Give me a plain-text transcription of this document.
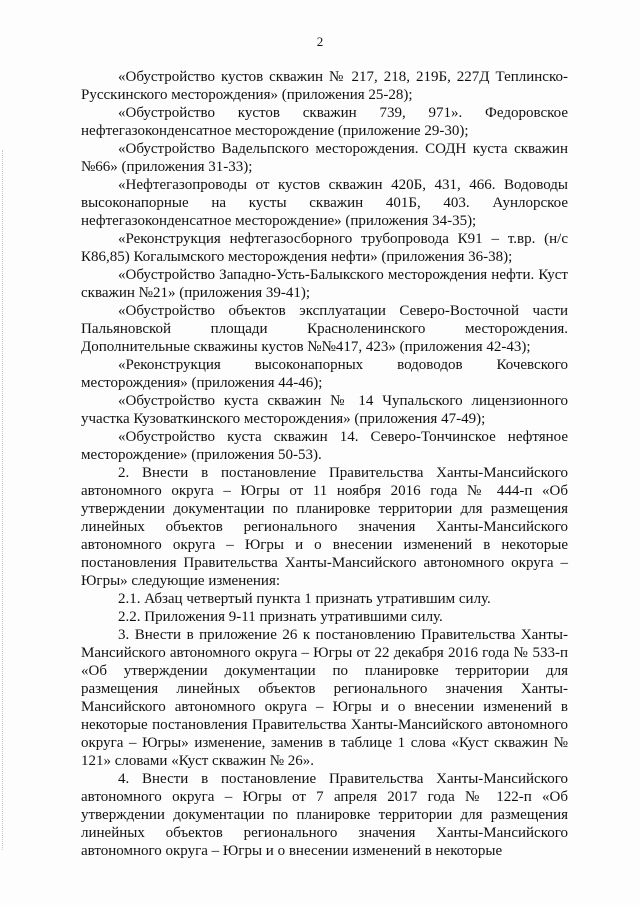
2

«Обустройство кустов скважин № 217, 218, 219Б, 227Д Теплинско-Русскинского месторождения» (приложения 25-28);

«Обустройство кустов скважин 739, 971». Федоровское нефтегазоконденсатное месторождение (приложение 29-30);

«Обустройство Вадельпского месторождения. СОДН куста скважин №66» (приложения 31-33);

«Нефтегазопроводы от кустов скважин 420Б, 431, 466. Водоводы высоконапорные на кусты скважин 401Б, 403. Аунлорское нефтегазоконденсатное месторождение» (приложения 34-35);

«Реконструкция нефтегазосборного трубопровода К91 – т.вр. (н/с К86,85) Когалымского месторождения нефти» (приложения 36-38);

«Обустройство Западно-Усть-Балыкского месторождения нефти. Куст скважин №21» (приложения 39-41);

«Обустройство объектов эксплуатации Северо-Восточной части Пальяновской площади Красноленинского месторождения. Дополнительные скважины кустов №№417, 423» (приложения 42-43);

«Реконструкция высоконапорных водоводов Кочевского месторождения» (приложения 44-46);

«Обустройство куста скважин № 14 Чупальского лицензионного участка Кузоваткинского месторождения» (приложения 47-49);

«Обустройство куста скважин 14. Северо-Тончинское нефтяное месторождение» (приложения 50-53).

2. Внести в постановление Правительства Ханты-Мансийского автономного округа – Югры от 11 ноября 2016 года № 444-п «Об утверждении документации по планировке территории для размещения линейных объектов регионального значения Ханты-Мансийского автономного округа – Югры и о внесении изменений в некоторые постановления Правительства Ханты-Мансийского автономного округа – Югры» следующие изменения:

2.1. Абзац четвертый пункта 1 признать утратившим силу.

2.2. Приложения 9-11 признать утратившими силу.

3. Внести в приложение 26 к постановлению Правительства Ханты-Мансийского автономного округа – Югры от 22 декабря 2016 года № 533-п «Об утверждении документации по планировке территории для размещения линейных объектов регионального значения Ханты-Мансийского автономного округа – Югры и о внесении изменений в некоторые постановления Правительства Ханты-Мансийского автономного округа – Югры» изменение, заменив в таблице 1 слова «Куст скважин № 121» словами «Куст скважин № 26».

4. Внести в постановление Правительства Ханты-Мансийского автономного округа – Югры от 7 апреля 2017 года № 122-п «Об утверждении документации по планировке территории для размещения линейных объектов регионального значения Ханты-Мансийского автономного округа – Югры и о внесении изменений в некоторые
